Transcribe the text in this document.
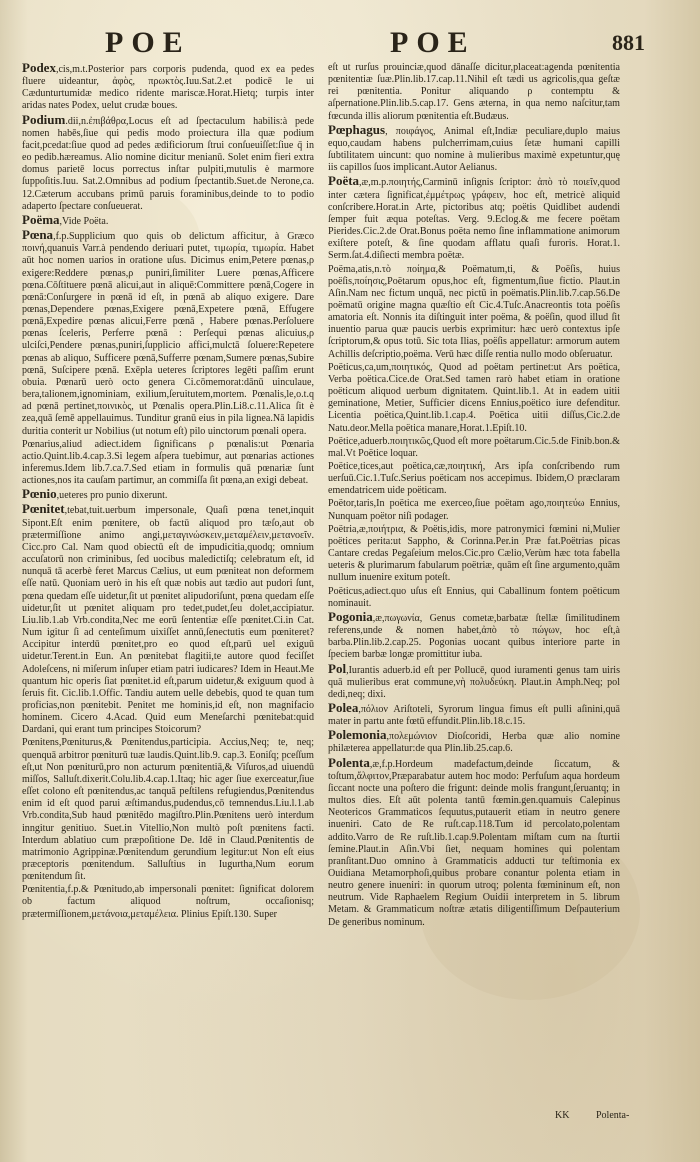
POE	POE	881

Podex,cis,m.t.Posterior pars corporis pudenda, quod ex ea pedes fluere uideantur, ἀφὸς, πρωκτὸς.Iuu.Sat.2.et podicē le ui Cædunturtumidæ medico ridente mariscæ.Horat.Hietq; turpis inter aridas nates Podex, uelut crudæ boues.

Podium.dii,n.ἐπιβάθρα,Locus eſt ad ſpectaculum habilis:à pede nomen habēs,ſiue qui pedis modo proiectura illa quæ podium facit,pcedat:ſiue quod ad pedes ædificiorum ſtrui conſueuiſſet:ſiue q̄ in eo pedib.hæreamus. Alio nomine dicitur menianū. Solet enim fieri extra domus parietē locus porrectus inſtar pulpiti,mutulis è marmore ſuppoſitis.Iuu. Sat.2.Omnibus ad podium ſpectantib.Suet.de Nerone,ca. 12.Cæterum accubans primū paruis foraminibus,deinde to to podio adaperto ſpectare conſueuerat.

Poëma,Vide Poëta.

Pœna,f.p.Supplicium quo quis ob delictum afficitur, à Græco ποινή,quanuis Varr.à pendendo deriuari putet, τιμωρία, τιμωρία. Habet aūt hoc nomen uarios in oratione uſus. Dicimus enim,Petere pœnas,ρ exigere:Reddere pœnas,ρ puniri,ſimiliter Luere pœnas,Afficere pœna.Cōſtituere pœnā alicui,aut in aliquē:Committere pœnā,Cogere in pœnā:Conſurgere in pœnā id eſt, in pœnā ab aliquo exigere. Dare pœnas,Dependere pœnas,Exigere pœnā,Expetere pœnā, Effugere pœnā,Expedire pœnas alicui,Ferre pœnā , Habere pœnas.Perſoluere pœnas ſceleris, Perferre pœnā : Perſequi pœnas alicuius,ρ ulciſci,Pendere pœnas,puniri,ſupplicio affici,mulctā ſoluere:Repetere pœnas ab aliquo, Sufficere pœnā,Sufferre pœnam,Sumere pœnas,Subire pœnā, Suſcipere pœnā. Exēpla ueteres ſcriptores legēti paſſim erunt obuia. Pœnarū uerò octo genera Ci.cōmemorat:dānū uinculaue, bera,talionem,ignominiam, exilium,ſeruitutem,mortem. Pœnalis,le,o.t.q ad pœnā pertinet,ποινικὸς, ut Pœnalis opera.Plin.Li8.c.11.Alica ſit è zea,quā ſemē appellauimus. Tunditur granū eius in pila lignea.Nā lapidis duritia conterit ur Nobilius (ut notum eſt) pilo uinctorum pœnali opera.

Pœnarius,aliud adiect.idem ſignificans ρ pœnalis:ut Pœnaria actio.Quint.lib.4.cap.3.Si legem aſpera tuebimur, aut pœnarias actiones inferemus.Idem lib.7.ca.7.Sed etiam in formulis quā pœnariæ ſunt actiones,nos ita cauſam partimur, an commiſſa ſit pœna,an exigi debeat.

Pœnio,ueteres pro punio dixerunt.

Pœnitet,tebat,tuit.uerbum impersonale, Quaſi pœna tenet,inquit Sipont.Eſt enim pœnitere, ob factū aliquod pro tæſo,aut ob prætermiſſione animo angi,μεταγινώσκειν,μεταμέλειν,μετανοεῖν. Cicc.pro Cal. Nam quod obiectū eſt de impudicitia,quodq; omnium accuſatorū non criminibus, ſed uocibus maledictiſq; celebratum eſt, id nunquā tā acerbè feret Marcus Cælius, ut eum pœniteat non deformem eſſe natū. Quoniam uerò in his eſt quæ nobis aut tædio aut pudori ſunt, pœna quedam eſſe uidetur,ſit ut pœnitet alipudoriſunt, pœna quedam eſſe uidetur,ſit ut pœnitet aliquam pro tedet,pudet,ſeu dolet,accipiatur. Liu.lib.1.ab Vrb.condita,Nec me eorū ſententiæ eſſe pœnitet.Ci.in Cat. Num igitur ſi ad centeſimum uixiſſet annū,ſenectutis eum pœniteret? Accipitur interdū pœnitet,pro eo quod eſt,parū uel exiguū uidetur.Terent.in Eun. An pœnitebat flagitii,te autore quod feciſſet Adoleſcens, ni miſerum inſuper etiam patri iudicares? Idem in Heaut.Me quantum hic operis ſiat pœnitet.id eſt,parum uidetur,& exiguum quod à ſeruis fit. Cic.lib.1.Offic. Tandiu autem uelle debebis, quod te quan tum proficias,non pœnitebit. Penitet me hominis,id eſt, non magnifacio hominem. Cicero 4.Acad. Quid eum Meneſarchi pœnitebat:quid Dardani, qui erant tum principes Stoicorum?

Pœnitens,Pœniturus,& Pœnitendus,participia. Accius,Neq; te, neq; quenquā arbitror pœniturū tuæ laudis.Quint.lib.9. cap.3. Eoniſq; pceſſum eſt,ut Non pœniturū,pro non acturum pœnitentiā,& Viſuros,ad uiuendū miſſos, Salluſt.dixerit.Colu.lib.4.cap.1.Itaq; hic ager ſiue exerceatur,ſiue eſſet colono eſt pœnitendus,ac tanquā peſtilens refugiendus,Pœnitendus enim id eſt quod parui æſtimandus,pudendus,cō temnendus.Liu.l.1.ab Vrb.condita,Sub haud pœnitēdo magiſtro.Plin.Pœnitens uerò interdum inngitur genitiuo. Suet.in Vitellio,Non multò poſt pœnitens facti. Interdum ablatiuo cum præpoſitione De. Idē in Claud.Pœnitentis de matrimonio Agrippinæ.Pœnitendum gerundium legitur:ut Non eſt eius præceptoris pœnitendum. Salluſtius in Iugurtha,Num eorum pœnitendum ſit.

Pœnitentia,f.p.& Pœnitudo,ab impersonali pœnitet: ſignificat dolorem ob factum aliquod noſtrum, occaſionisq; prætermiſſionem,μετάνοια,μεταμέλεια. Plinius Epiſt.130. Super

eſt ut rurſus prouinciæ,quod dānaſſe dicitur,placeat:agenda pœnitentia pœnitentiæ ſuæ.Plin.lib.17.cap.11.Nihil eſt tædi us agricolis,qua geſtæ rei pœnitentia. Ponitur aliquando ρ contemptu & aſpernatione.Plin.lib.5.cap.17. Gens æterna, in qua nemo naſcitur,tam fœcunda illis aliorum pœnitentia eſt.Budæus.

Pœphagus, ποιφάγος, Animal eſt,Indiæ peculiare,duplo maius equo,caudam habens pulcherrimam,cuius ſetæ humani capilli ſubtilitatem uincunt: quo nomine à mulieribus maximè expetuntur,quę iis capillos ſuos implicant.Autor Aelianus.

Poëta,æ,m.p.ποιητής,Carminū inſignis ſcriptor: ἀπὸ τὸ ποιεῖν,quod inter cætera ſignificat,ἐμμέτρως γράφειν, hoc eſt, metricè aliquid conſcribere.Horat.in Arte, pictoribus atq; poëtis Quidlibet audendi ſemper fuit æqua poteſtas. Verg. 9.Eclog.& me fecere poëtam Pierides.Cic.2.de Orat.Bonus poëta nemo ſine inflammatione animorum exiſtere poteſt, & ſine quodam afflatu quaſi furoris. Horat.1. Serm.ſat.4.diſiecti membra poëtæ.

Poëma,atis,n.τὸ ποίημα,& Poëmatum,ti, & Poëſis, huius poëſis,ποίησις,Poëtarum opus,hoc eſt, figmentum,ſiue fictio. Plaut.in Aſin.Nam nec fictum unquā, nec pictū in poëmatis.Plin.lib.7.cap.56.De poëmatū origine magna quæſtio eſt Cic.4.Tuſc.Anacreontis tota poëſis amatoria eſt. Nonnis ita diſtinguit inter poëma, & poëſin, quod illud ſit inuentio parua quæ paucis uerbis exprimitur: hæc uerò contextus ipſe ſcriptorum,& opus totū. Sic tota Ilias, poëſis appellatur: armorum autem Achillis deſcriptio,poëma. Verū hæc diſſe rentia nullo modo obſeruatur.

Poëticus,ca,um,ποιητικός, Quod ad poëtam pertinet:ut Ars poëtica, Verba poëtica.Cice.de Orat.Sed tamen rarò habet etiam in oratione poëticum aliquod uerbum dignitatem. Quint.lib.1. At in eadem uitii geminatione, Metier, Sufficier dicens Ennius,poëtico iure defenditur. Licentia poëtica,Quint.lib.1.cap.4. Poëtica uitii diſſus,Cic.2.de Natu.deor.Mella poëtica manare,Horat.1.Epiſt.10.

Poëtice,aduerb.ποιητικῶς,Quod eſt more poëtarum.Cic.5.de Finib.bon.& mal.Vt Poëtice loquar.

Poëtice,tices,aut poëtica,cæ,ποιητική, Ars ipſa conſcribendo rum uerſuū.Cic.1.Tuſc.Serius poëticam nos accepimus. Ibidem,O præclaram emendatricem uide poëticam.

Poëtor,taris,In poëtica me exerceo,ſiue poëtam ago,ποιητεύω Ennius, Nunquam poëtor niſi podager.

Poëtria,æ,ποιήτρια, & Poëtis,idis, more patronymici fœmini ni,Mulier poëtices perita:ut Sappho, & Corinna.Per.in Præ fat.Poëtrias picas Cantare credas Pegaſeium melos.Cic.pro Cælio,Verùm hæc tota fabella ueteris & plurimarum fabularum poëtriæ, quām eſt ſine argumento,quām nullum inuenire exitum poteſt.

Poëticus,adiect.quo uſus eſt Ennius, qui Caballinum fontem poëticum nominauit.

Pogonia,æ,πωγωνία, Genus cometæ,barbatæ ſtellæ ſimilitudinem referens,unde & nomen habet,ἀπὸ τὸ πώγων, hoc eſt,à barba.Plin.lib.2.cap.25. Pogonias uocant quibus interiore parte in ſpeciem barbæ longæ promittitur iuba.

Pol,Iurantis aduerb.id eſt per Pollucē, quod iuramenti genus tam uiris quā mulieribus erat commune,νὴ πολυδεύκη. Plaut.in Amph.Neq; pol dedi,neq; dixi.

Polea,πόλιον Ariſtoteli, Syrorum lingua fimus eſt pulli aſinini,quā mater in partu ante fœtū effundit.Plin.lib.18.c.15.

Polemonia,πολεμώνιον Dioſcoridi, Herba quæ alio nomine philæterea appellatur:de qua Plin.lib.25.cap.6.

Polenta,æ,f.p.Hordeum madefactum,deinde ſiccatum, & toſtum,ἄλφιτον,Præparabatur autem hoc modo: Perfuſum aqua hordeum ſiccant nocte una poſtero die frigunt: deinde molis frangunt,ſeruantq; in multos dies. Eſt aūt polenta tantū fœmin.gen.quamuis Calepinus Neotericos Grammaticos ſequutus,putauerit etiam in neutro genere inueniri. Cato de Re ruſt.cap.118.Tum id percolato,polentam addito.Varro de Re ruſt.lib.1.cap.9.Polentam miſtam cum na ſturtii ſemine.Plaut.in Aſin.Vbi ſiet, nequam homines qui polentam pranſitant.Duo omnino à Grammaticis adducti tur teſtimonia ex Ouidiana Metamorphoſi,quibus probare conantur polenta etiam in neutro genere inueniri: in quorum utroq; polenta fœmininum eſt, non neutrum. Vide Raphaelem Regium Ouidii interpretem in 5. librum Metam. & Grammaticum noſtræ ætatis diligentiſſimum Deſpauterium De generibus nominum.

KK	Polenta-
